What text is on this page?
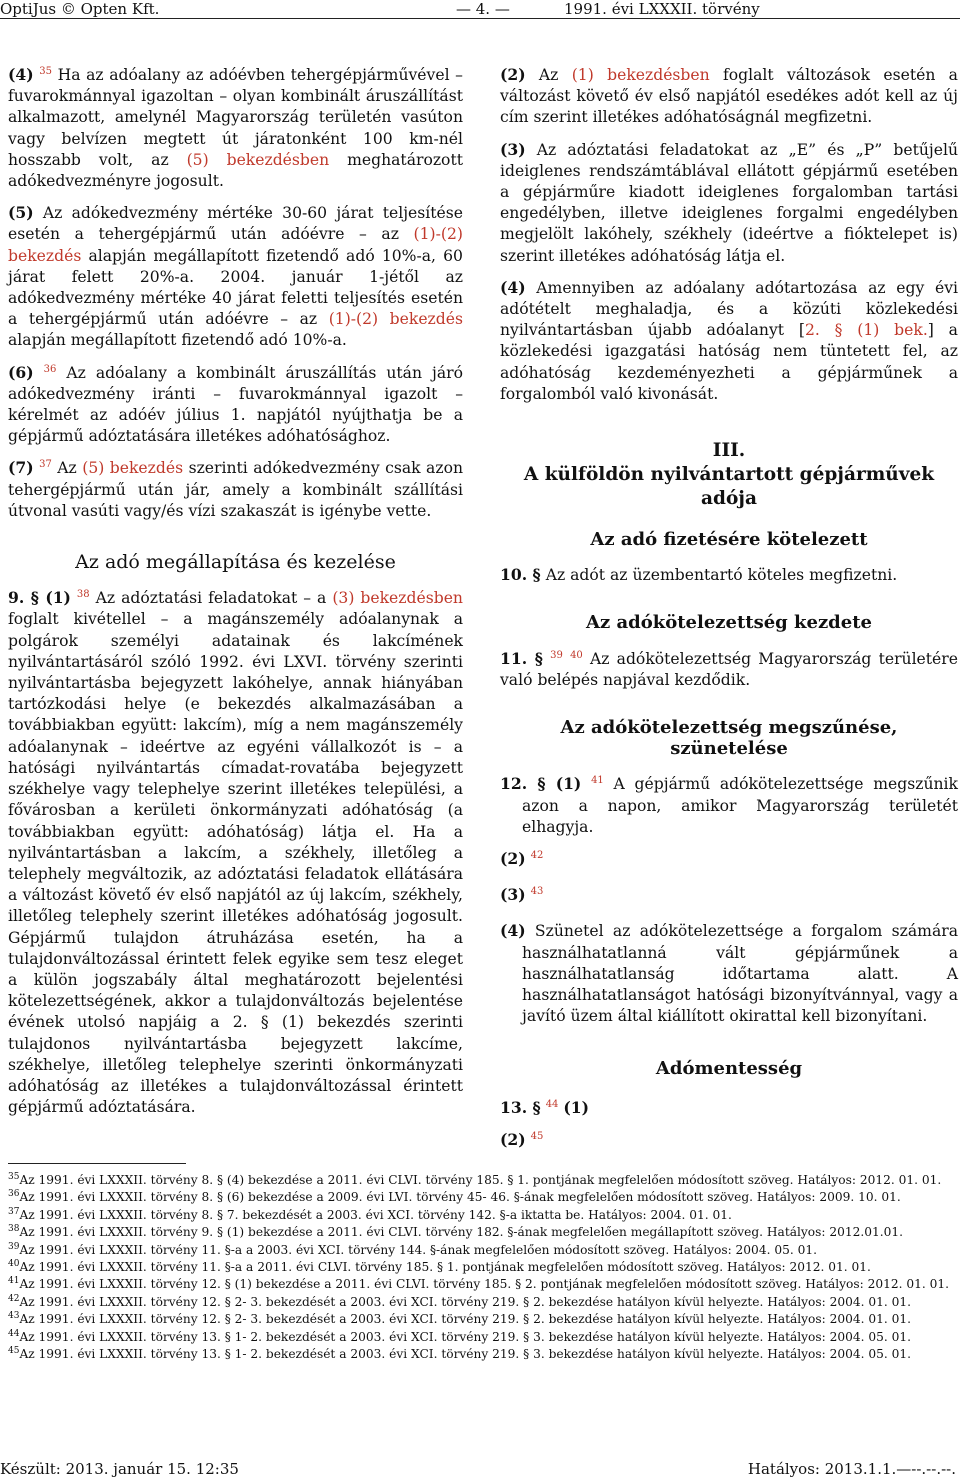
OptiJus © Opten Kft.	— 4. —	1991. évi LXXXII. törvény

(4) $^{35}$ Ha az adóalany az adóévben tehergépjárművével – fuvarokmánnyal igazoltan – olyan kombinált áruszállítást alkalmazott, amelynél Magyarország területén vasúton vagy belvízen megtett út járatonként 100 km-nél hosszabb volt, az (5) bekezdésben meghatározott adókedvezményre jogosult.

(5) Az adókedvezmény mértéke 30-60 járat teljesítése esetén a tehergépjármű után adóévre – az (1)-(2) bekezdés alapján megállapított fizetendő adó 10%-a, 60 járat felett 20%-a. 2004. január 1-jétől az adókedvezmény mértéke 40 járat feletti teljesítés esetén a tehergépjármű után adóévre – az (1)-(2) bekezdés alapján megállapított fizetendő adó 10%-a.

(6) $^{36}$ Az adóalany a kombinált áruszállítás után járó adókedvezmény iránti – fuvarokmánnyal igazolt – kérelmét az adóév július 1. napjától nyújthatja be a gépjármű adóztatására illetékes adóhatósághoz.

(7) $^{37}$ Az (5) bekezdés szerinti adókedvezmény csak azon tehergépjármű után jár, amely a kombinált szállítási útvonal vasúti vagy/és vízi szakaszát is igénybe vette.

Az adó megállapítása és kezelése

9. § (1) $^{38}$ Az adóztatási feladatokat – a (3) bekezdésben foglalt kivétellel – a magánszemély adóalanynak a polgárok személyi adatainak és lakcímének nyilvántartásáról szóló 1992. évi LXVI. törvény szerinti nyilvántartásba bejegyzett lakóhelye, annak hiányában tartózkodási helye (e bekezdés alkalmazásában a továbbiakban együtt: lakcím), míg a nem magánszemély adóalanynak – ideértve az egyéni vállalkozót is – a hatósági nyilvántartás címadat-rovatába bejegyzett székhelye vagy telephelye szerint illetékes települési, a fővárosban a kerületi önkormányzati adóhatóság (a továbbiakban együtt: adóhatóság) látja el. Ha a nyilvántartásban a lakcím, a székhely, illetőleg a telephely megváltozik, az adóztatási feladatok ellátására a változást követő év első napjától az új lakcím, székhely, illetőleg telephely szerint illetékes adóhatóság jogosult. Gépjármű tulajdon átruházása esetén, ha a tulajdonváltozással érintett felek egyike sem tesz eleget a külön jogszabály által meghatározott bejelentési kötelezettségének, akkor a tulajdonváltozás bejelentése évének utolsó napjáig a 2. § (1) bekezdés szerinti tulajdonos nyilvántartásba bejegyzett lakcíme, székhelye, illetőleg telephelye szerinti önkormányzati adóhatóság az illetékes a tulajdonváltozással érintett gépjármű adóztatására.

(2) Az (1) bekezdésben foglalt változások esetén a változást követő év első napjától esedékes adót kell az új cím szerint illetékes adóhatóságnál megfizetni.

(3) Az adóztatási feladatokat az „E” és „P” betűjelű ideiglenes rendszámtáblával ellátott gépjármű esetében a gépjárműre kiadott ideiglenes forgalomban tartási engedélyben, illetve ideiglenes forgalmi engedélyben megjelölt lakóhely, székhely (ideértve a fióktelepet is) szerint illetékes adóhatóság látja el.

(4) Amennyiben az adóalany adótartozása az egy évi adótételt meghaladja, és a közúti közlekedési nyilvántartásban újabb adóalanyt [2. § (1) bek.] a közlekedési igazgatási hatóság nem tüntetett fel, az adóhatóság kezdeményezheti a gépjárműnek a forgalomból való kivonását.

III.
A külföldön nyilvántartott gépjárművek adója
Az adó fizetésére kötelezett

10. § Az adót az üzembentartó köteles megfizetni.

Az adókötelezettség kezdete

11. § $^{39}$ $^{40}$ Az adókötelezettség Magyarország területére való belépés napjával kezdődik.

Az adókötelezettség megszűnése, szünetelése

12. § (1) $^{41}$ A gépjármű adókötelezettsége megszűnik azon a napon, amikor Magyarország területét elhagyja.

(2) $^{42}$

(3) $^{43}$

(4) Szünetel az adókötelezettsége a forgalom számára használhatatlanná vált gépjárműnek a használhatatlanság időtartama alatt. A használhatatlanságot hatósági bizonyítvánnyal, vagy a javító üzem által kiállított okirattal kell bizonyítani.

Adómentesség

13. § $^{44}$ (1)

(2) $^{45}$

$^{35}$Az 1991. évi LXXXII. törvény 8. § (4) bekezdése a 2011. évi CLVI. törvény 185. § 1. pontjának megfelelően módosított szöveg. Hatályos: 2012. 01. 01.
$^{36}$Az 1991. évi LXXXII. törvény 8. § (6) bekezdése a 2009. évi LVI. törvény 45- 46. §-ának megfelelően módosított szöveg. Hatályos: 2009. 10. 01.
$^{37}$Az 1991. évi LXXXII. törvény 8. § 7. bekezdését a 2003. évi XCI. törvény 142. §-a iktatta be. Hatályos: 2004. 01. 01.
$^{38}$Az 1991. évi LXXXII. törvény 9. § (1) bekezdése a 2011. évi CLVI. törvény 182. §-ának megfelelően megállapított szöveg. Hatályos: 2012.01.01.
$^{39}$Az 1991. évi LXXXII. törvény 11. §-a a 2003. évi XCI. törvény 144. §-ának megfelelően módosított szöveg. Hatályos: 2004. 05. 01.
$^{40}$Az 1991. évi LXXXII. törvény 11. §-a a 2011. évi CLVI. törvény 185. § 1. pontjának megfelelően módosított szöveg. Hatályos: 2012. 01. 01.
$^{41}$Az 1991. évi LXXXII. törvény 12. § (1) bekezdése a 2011. évi CLVI. törvény 185. § 2. pontjának megfelelően módosított szöveg. Hatályos: 2012. 01. 01.
$^{42}$Az 1991. évi LXXXII. törvény 12. § 2- 3. bekezdését a 2003. évi XCI. törvény 219. § 2. bekezdése hatályon kívül helyezte. Hatályos: 2004. 01. 01.
$^{43}$Az 1991. évi LXXXII. törvény 12. § 2- 3. bekezdését a 2003. évi XCI. törvény 219. § 2. bekezdése hatályon kívül helyezte. Hatályos: 2004. 01. 01.
$^{44}$Az 1991. évi LXXXII. törvény 13. § 1- 2. bekezdését a 2003. évi XCI. törvény 219. § 3. bekezdése hatályon kívül helyezte. Hatályos: 2004. 05. 01.
$^{45}$Az 1991. évi LXXXII. törvény 13. § 1- 2. bekezdését a 2003. évi XCI. törvény 219. § 3. bekezdése hatályon kívül helyezte. Hatályos: 2004. 05. 01.
Készült: 2013. január 15. 12:35	Hatályos: 2013.1.1.—--.--.--.
